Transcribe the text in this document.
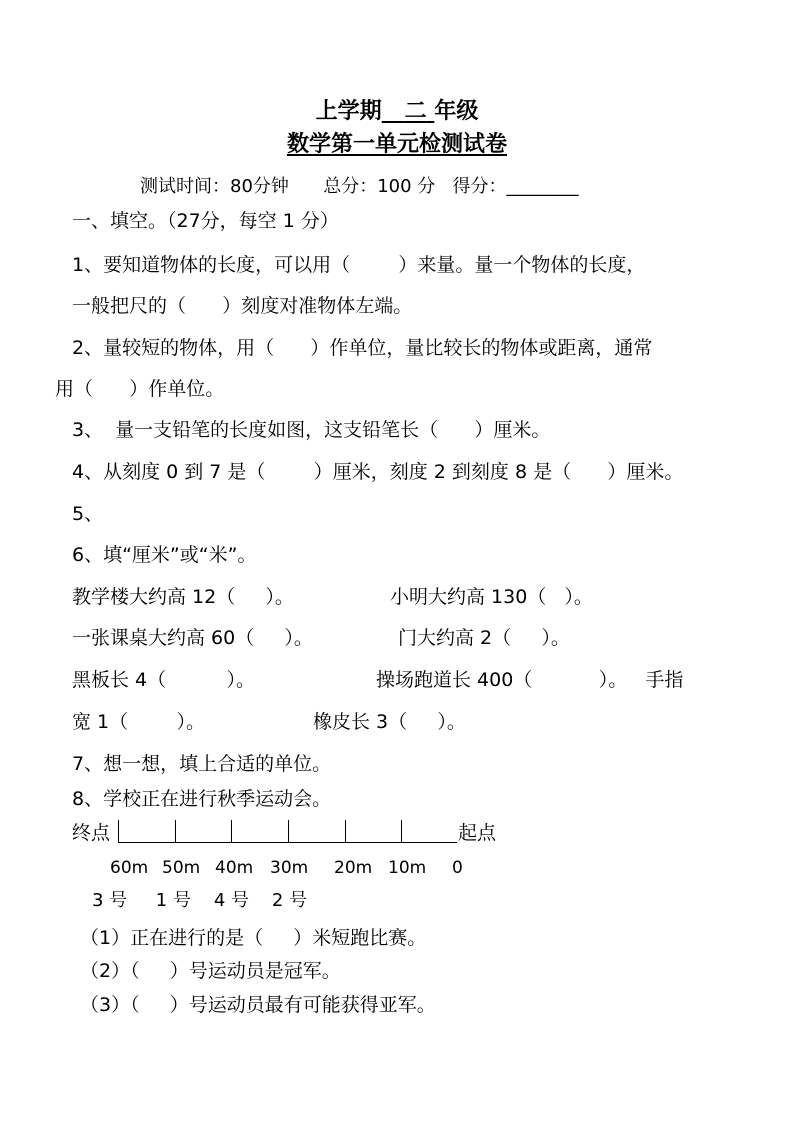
上学期 二 年级
数学第一单元检测试卷
测试时间：80分钟      总分：100 分   得分：________
一、填空。（27分，每空 1 分）
1、要知道物体的长度，可以用（        ）来量。量一个物体的长度，
一般把尺的（      ）刻度对准物体左端。
2、量较短的物体，用（      ）作单位，量比较长的物体或距离，通常
用（      ）作单位。
3、  量一支铅笔的长度如图，这支铅笔长（      ）厘米。
4、从刻度 0 到 7 是（        ）厘米，刻度 2 到刻度 8 是（      ）厘米。
5、
6、填“厘米”或“米”。
教学楼大约高 12（     ）。	小明大约高 130（   ）。
一张课桌大约高 60（     ）。	门大约高 2（     ）。
黑板长 4（          ）。	操场跑道长 400（           ）。   手指
宽 1（        ）。	橡皮长 3（     ）。
7、想一想，填上合适的单位。
8、学校正在进行秋季运动会。
终点	起点
60m 50m 40m 30m 20m 10m 0
3 号     1 号    4 号    2 号
（1）正在进行的是（     ）米短跑比赛。
（2）（     ）号运动员是冠军。
（3）（     ）号运动员最有可能获得亚军。
